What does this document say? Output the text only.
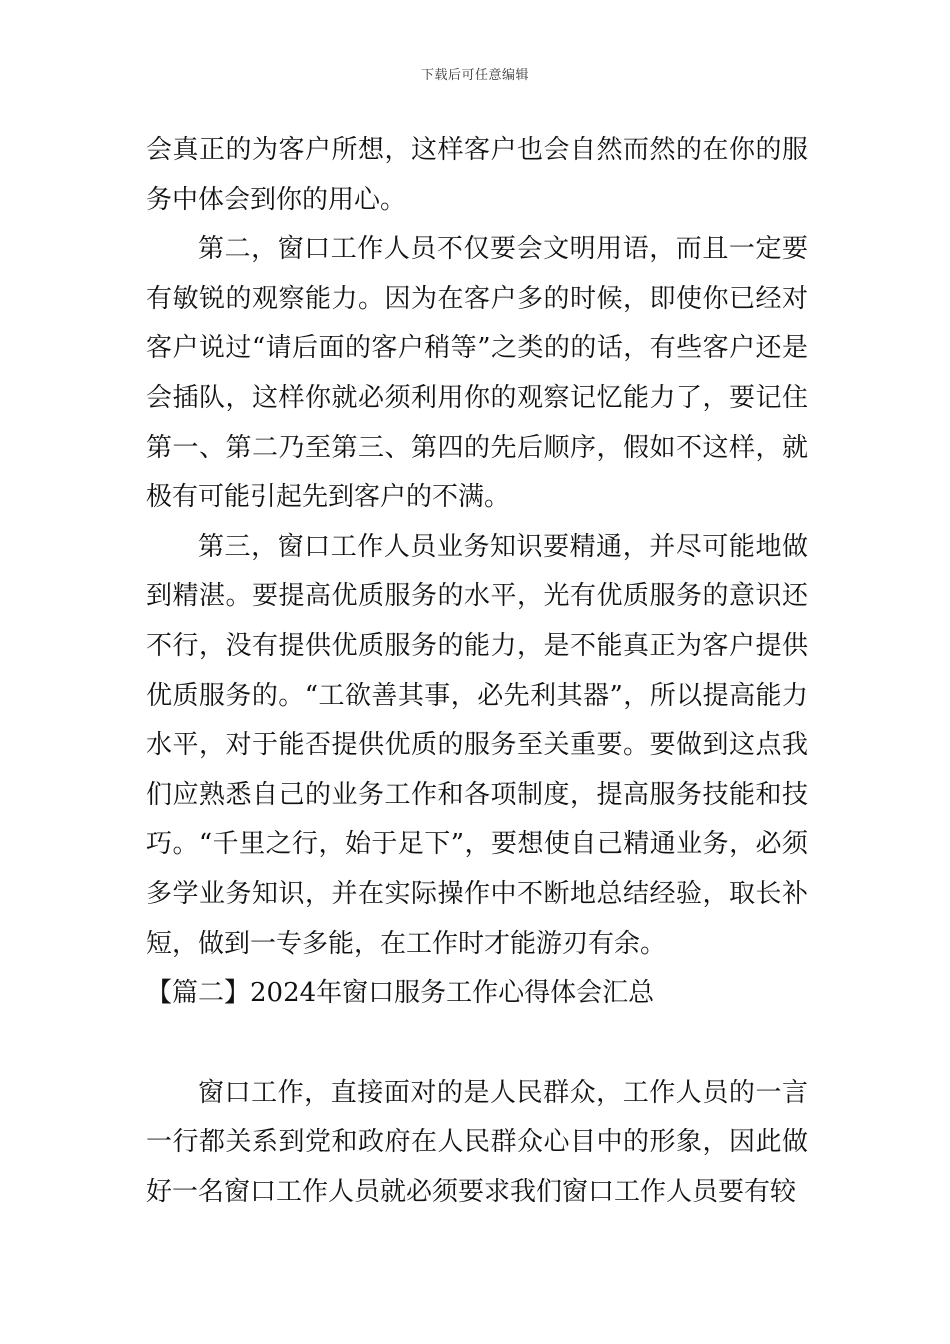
下载后可任意编辑

会真正的为客户所想，这样客户也会自然而然的在你的服务中体会到你的用心。

第二，窗口工作人员不仅要会文明用语，而且一定要有敏锐的观察能力。因为在客户多的时候，即使你已经对客户说过“请后面的客户稍等”之类的的话，有些客户还是会插队，这样你就必须利用你的观察记忆能力了，要记住第一、第二乃至第三、第四的先后顺序，假如不这样，就极有可能引起先到客户的不满。

第三，窗口工作人员业务知识要精通，并尽可能地做到精湛。要提高优质服务的水平，光有优质服务的意识还不行，没有提供优质服务的能力，是不能真正为客户提供优质服务的。“工欲善其事，必先利其器”，所以提高能力水平，对于能否提供优质的服务至关重要。要做到这点我们应熟悉自己的业务工作和各项制度，提高服务技能和技巧。“千里之行，始于足下”，要想使自己精通业务，必须多学业务知识，并在实际操作中不断地总结经验，取长补短，做到一专多能，在工作时才能游刃有余。

【篇二】2024年窗口服务工作心得体会汇总

窗口工作，直接面对的是人民群众，工作人员的一言一行都关系到党和政府在人民群众心目中的形象，因此做好一名窗口工作人员就必须要求我们窗口工作人员要有较
